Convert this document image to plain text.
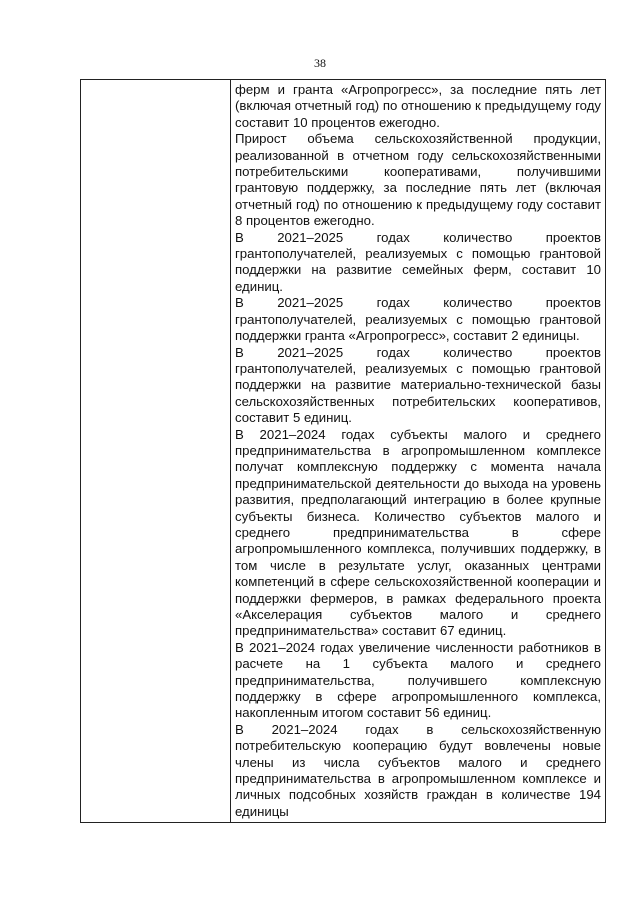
38

ферм и гранта «Агропрогресс», за последние пять лет (включая отчетный год) по отношению к предыдущему году составит 10 процентов ежегодно.

Прирост объема сельскохозяйственной продукции, реализованной в отчетном году сельскохозяйственными потребительскими кооперативами, получившими грантовую поддержку, за последние пять лет (включая отчетный год) по отношению к предыдущему году составит 8 процентов ежегодно.

В 2021–2025 годах количество проектов грантополучателей, реализуемых с помощью грантовой поддержки на развитие семейных ферм, составит 10 единиц.

В 2021–2025 годах количество проектов грантополучателей, реализуемых с помощью грантовой поддержки гранта «Агропрогресс», составит 2 единицы.

В 2021–2025 годах количество проектов грантополучателей, реализуемых с помощью грантовой поддержки на развитие материально-технической базы сельскохозяйственных потребительских кооперативов, составит 5 единиц.

В 2021–2024 годах субъекты малого и среднего предпринимательства в агропромышленном комплексе получат комплексную поддержку с момента начала предпринимательской деятельности до выхода на уровень развития, предполагающий интеграцию в более крупные субъекты бизнеса. Количество субъектов малого и среднего предпринимательства в сфере агропромышленного комплекса, получивших поддержку, в том числе в результате услуг, оказанных центрами компетенций в сфере сельскохозяйственной кооперации и поддержки фермеров, в рамках федерального проекта «Акселерация субъектов малого и среднего предпринимательства» составит 67 единиц.

В 2021–2024 годах увеличение численности работников в расчете на 1 субъекта малого и среднего предпринимательства, получившего комплексную поддержку в сфере агропромышленного комплекса, накопленным итогом составит 56 единиц.

В 2021–2024 годах в сельскохозяйственную потребительскую кооперацию будут вовлечены новые члены из числа субъектов малого и среднего предпринимательства в агропромышленном комплексе и личных подсобных хозяйств граждан в количестве 194 единицы
